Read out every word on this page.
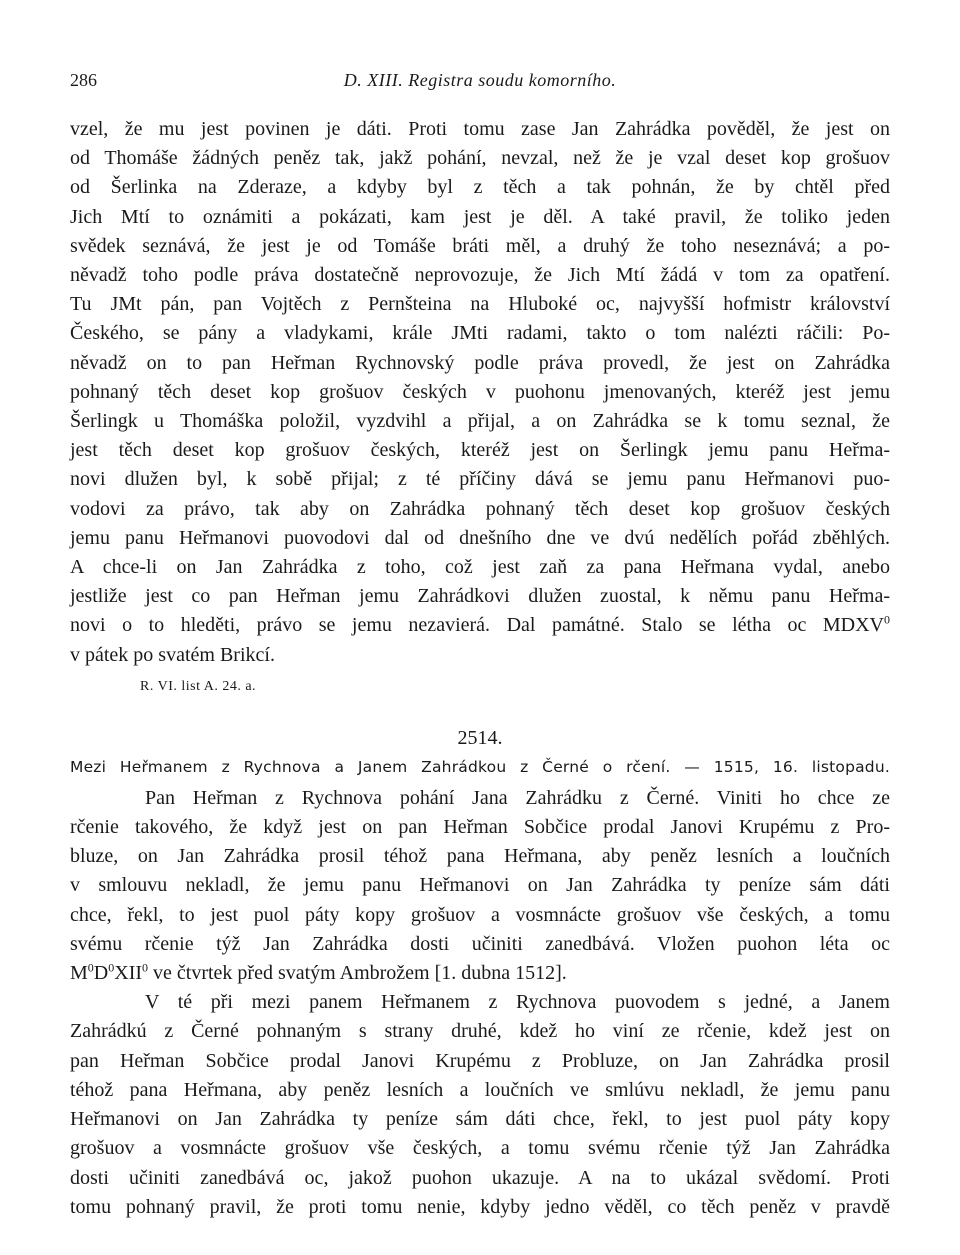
286	D. XIII. Registra soudu komorního.
vzel, že mu jest povinen je dáti. Proti tomu zase Jan Zahrádka pověděl, že jest on
od Thomáše žádných peněz tak, jakž pohání, nevzal, než že je vzal deset kop grošuov
od Šerlinka na Zderaze, a kdyby byl z těch a tak pohnán, že by chtěl před
Jich Mtí to oznámiti a pokázati, kam jest je děl. A také pravil, že toliko jeden
svědek seznává, že jest je od Tomáše bráti měl, a druhý že toho neseznává; a po-
něvadž toho podle práva dostatečně neprovozuje, že Jich Mtí žádá v tom za opatření.
Tu JMt pán, pan Vojtěch z Pernšteina na Hluboké oc, najvyšší hofmistr království
Českého, se pány a vladykami, krále JMti radami, takto o tom nalézti ráčili: Po-
něvadž on to pan Heřman Rychnovský podle práva provedl, že jest on Zahrádka
pohnaný těch deset kop grošuov českých v puohonu jmenovaných, kteréž jest jemu
Šerlingk u Thomáška položil, vyzdvihl a přijal, a on Zahrádka se k tomu seznal, že
jest těch deset kop grošuov českých, kteréž jest on Šerlingk jemu panu Heřma-
novi dlužen byl, k sobě přijal; z té příčiny dává se jemu panu Heřmanovi puo-
vodovi za právo, tak aby on Zahrádka pohnaný těch deset kop grošuov českých
jemu panu Heřmanovi puovodovi dal od dnešního dne ve dvú nedělích pořád zběhlých.
A chce-li on Jan Zahrádka z toho, což jest zaň za pana Heřmana vydal, anebo
jestliže jest co pan Heřman jemu Zahrádkovi dlužen zuostal, k němu panu Heřma-
novi o to hleděti, právo se jemu nezavierá. Dal památné. Stalo se létha oc MDXV$^0$
v pátek po svatém Brikcí.
R. VI. list A. 24. a.
2514.
Mezi Heřmanem z Rychnova a Janem Zahrádkou z Černé o rčení. — 1515, 16. listopadu.
Pan Heřman z Rychnova pohání Jana Zahrádku z Černé. Viniti ho chce ze
rčenie takového, že když jest on pan Heřman Sobčice prodal Janovi Krupému z Pro-
bluze, on Jan Zahrádka prosil téhož pana Heřmana, aby peněz lesních a loučních
v smlouvu nekladl, že jemu panu Heřmanovi on Jan Zahrádka ty peníze sám dáti
chce, řekl, to jest puol páty kopy grošuov a vosmnácte grošuov vše českých, a tomu
svému rčenie týž Jan Zahrádka dosti učiniti zanedbává. Vložen puohon léta oc
$M^0D^0XII^0$ ve čtvrtek před svatým Ambrožem [1. dubna 1512].
V té při mezi panem Heřmanem z Rychnova puovodem s jedné, a Janem
Zahrádkú z Černé pohnaným s strany druhé, kdež ho viní ze rčenie, kdež jest on
pan Heřman Sobčice prodal Janovi Krupému z Probluze, on Jan Zahrádka prosil
téhož pana Heřmana, aby peněz lesních a loučních ve smlúvu nekladl, že jemu panu
Heřmanovi on Jan Zahrádka ty peníze sám dáti chce, řekl, to jest puol páty kopy
grošuov a vosmnácte grošuov vše českých, a tomu svému rčenie týž Jan Zahrádka
dosti učiniti zanedbává oc, jakož puohon ukazuje. A na to ukázal svědomí. Proti
tomu pohnaný pravil, že proti tomu nenie, kdyby jedno věděl, co těch peněz v pravdě
